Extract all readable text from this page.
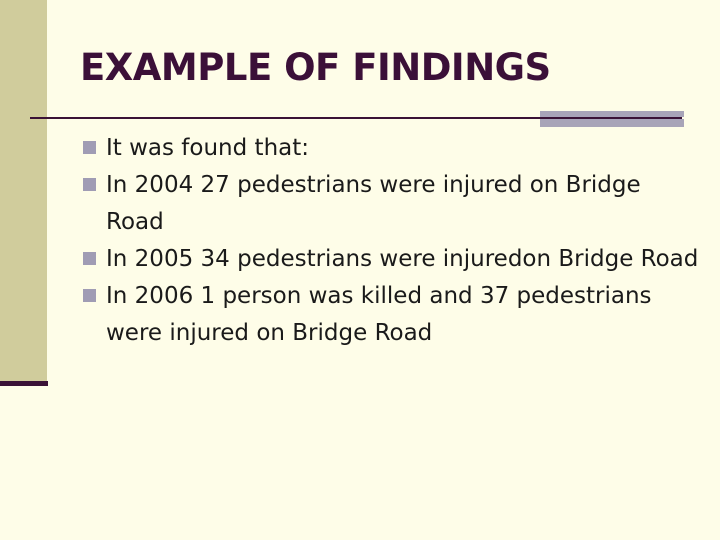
EXAMPLE OF FINDINGS
It was found that:
In 2004 27 pedestrians were injured on Bridge Road
In 2005 34 pedestrians were injuredon Bridge Road
In 2006 1 person was killed and 37 pedestrians were injured on Bridge Road
